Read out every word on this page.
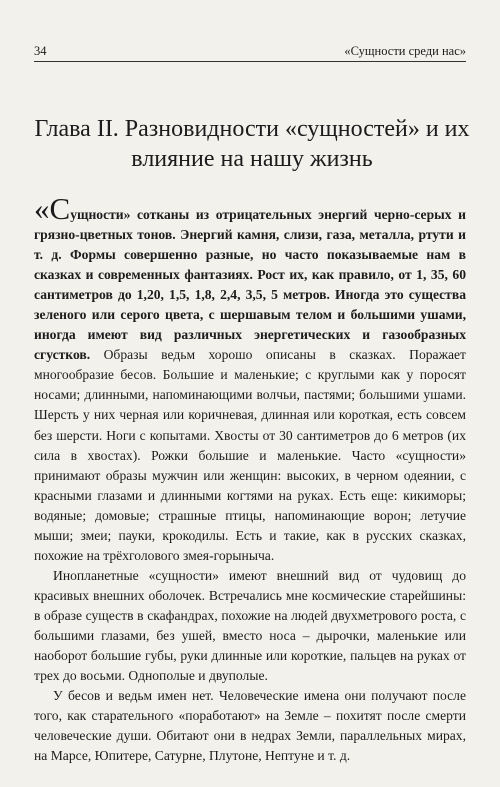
34	«Сущности среди нас»
Глава II. Разновидности «сущностей» и их влияние на нашу жизнь

«Сущности» сотканы из отрицательных энергий черно-серых и грязно-цветных тонов. Энергий камня, слизи, газа, металла, ртути и т. д. Формы совершенно разные, но часто показываемые нам в сказках и современных фантазиях. Рост их, как правило, от 1, 35, 60 сантиметров до 1,20, 1,5, 1,8, 2,4, 3,5, 5 метров. Иногда это существа зеленого или серого цвета, с шершавым телом и большими ушами, иногда имеют вид различных энергетических и газообразных сгустков. Образы ведьм хорошо описаны в сказках. Поражает многообразие бесов. Большие и маленькие; с круглыми как у поросят носами; длинными, напоминающими волчьи, пастями; большими ушами. Шерсть у них черная или коричневая, длинная или короткая, есть совсем без шерсти. Ноги с копытами. Хвосты от 30 сантиметров до 6 метров (их сила в хвостах). Рожки большие и маленькие. Часто «сущности» принимают образы мужчин или женщин: высоких, в черном одеянии, с красными глазами и длинными когтями на руках. Есть еще: кикиморы; водяные; домовые; страшные птицы, напоминающие ворон; летучие мыши; змеи; пауки, крокодилы. Есть и такие, как в русских сказках, похожие на трёхголового змея-горыныча.

Инопланетные «сущности» имеют внешний вид от чудовищ до красивых внешних оболочек. Встречались мне космические старейшины: в образе существ в скафандрах, похожие на людей двухметрового роста, с большими глазами, без ушей, вместо носа – дырочки, маленькие или наоборот большие губы, руки длинные или короткие, пальцев на руках от трех до восьми. Однополые и двуполые.

У бесов и ведьм имен нет. Человеческие имена они получают после того, как старательного «поработают» на Земле – похитят после смерти человеческие души. Обитают они в недрах Земли, параллельных мирах, на Марсе, Юпитере, Сатурне, Плутоне, Нептуне и т. д.
